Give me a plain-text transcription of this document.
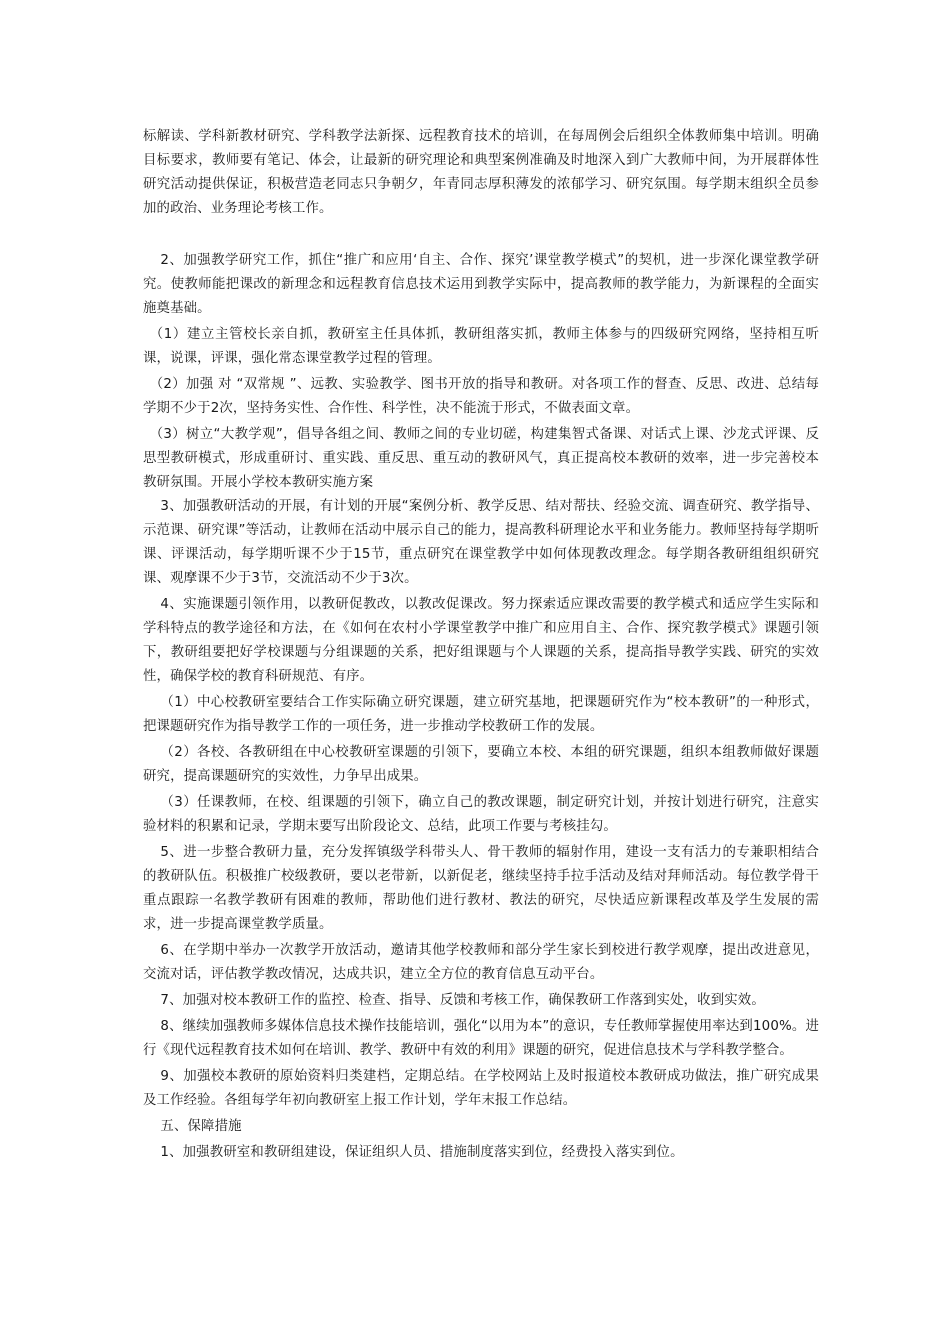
标解读、学科新教材研究、学科教学法新探、远程教育技术的培训，在每周例会后组织全体教师集中培训。明确目标要求，教师要有笔记、体会，让最新的研究理论和典型案例准确及时地深入到广大教师中间，为开展群体性研究活动提供保证，积极营造老同志只争朝夕，年青同志厚积薄发的浓郁学习、研究氛围。每学期末组织全员参加的政治、业务理论考核工作。

2、加强教学研究工作，抓住“推广和应用‘自主、合作、探究’课堂教学模式”的契机，进一步深化课堂教学研究。使教师能把课改的新理念和远程教育信息技术运用到教学实际中，提高教师的教学能力，为新课程的全面实施奠基础。

（1）建立主管校长亲自抓，教研室主任具体抓，教研组落实抓，教师主体参与的四级研究网络，坚持相互听课，说课，评课，强化常态课堂教学过程的管理。

（2）加强 对 “双常规 ”、远教、实验教学、图书开放的指导和教研。对各项工作的督查、反思、改进、总结每学期不少于2次，坚持务实性、合作性、科学性，决不能流于形式，不做表面文章。

（3）树立“大教学观”，倡导各组之间、教师之间的专业切磋，构建集智式备课、对话式上课、沙龙式评课、反思型教研模式，形成重研讨、重实践、重反思、重互动的教研风气，真正提高校本教研的效率，进一步完善校本教研氛围。开展小学校本教研实施方案

3、加强教研活动的开展，有计划的开展“案例分析、教学反思、结对帮扶、经验交流、调查研究、教学指导、示范课、研究课”等活动，让教师在活动中展示自己的能力，提高教科研理论水平和业务能力。教师坚持每学期听课、评课活动，每学期听课不少于15节，重点研究在课堂教学中如何体现教改理念。每学期各教研组组织研究课、观摩课不少于3节，交流活动不少于3次。

4、实施课题引领作用，以教研促教改，以教改促课改。努力探索适应课改需要的教学模式和适应学生实际和学科特点的教学途径和方法，在《如何在农村小学课堂教学中推广和应用自主、合作、探究教学模式》课题引领下，教研组要把好学校课题与分组课题的关系，把好组课题与个人课题的关系，提高指导教学实践、研究的实效性，确保学校的教育科研规范、有序。

（1）中心校教研室要结合工作实际确立研究课题，建立研究基地，把课题研究作为“校本教研”的一种形式，把课题研究作为指导教学工作的一项任务，进一步推动学校教研工作的发展。

（2）各校、各教研组在中心校教研室课题的引领下，要确立本校、本组的研究课题，组织本组教师做好课题研究，提高课题研究的实效性，力争早出成果。

（3）任课教师，在校、组课题的引领下，确立自己的教改课题，制定研究计划，并按计划进行研究，注意实验材料的积累和记录，学期末要写出阶段论文、总结，此项工作要与考核挂勾。

5、进一步整合教研力量，充分发挥镇级学科带头人、骨干教师的辐射作用，建设一支有活力的专兼职相结合的教研队伍。积极推广校级教研，要以老带新，以新促老，继续坚持手拉手活动及结对拜师活动。每位教学骨干重点跟踪一名教学教研有困难的教师，帮助他们进行教材、教法的研究，尽快适应新课程改革及学生发展的需求，进一步提高课堂教学质量。

6、在学期中举办一次教学开放活动，邀请其他学校教师和部分学生家长到校进行教学观摩，提出改进意见，交流对话，评估教学教改情况，达成共识，建立全方位的教育信息互动平台。

7、加强对校本教研工作的监控、检查、指导、反馈和考核工作，确保教研工作落到实处，收到实效。

8、继续加强教师多媒体信息技术操作技能培训，强化“以用为本”的意识，专任教师掌握使用率达到100%。进行《现代远程教育技术如何在培训、教学、教研中有效的利用》课题的研究，促进信息技术与学科教学整合。

9、加强校本教研的原始资料归类建档，定期总结。在学校网站上及时报道校本教研成功做法，推广研究成果及工作经验。各组每学年初向教研室上报工作计划，学年末报工作总结。

五、保障措施

1、加强教研室和教研组建设，保证组织人员、措施制度落实到位，经费投入落实到位。
